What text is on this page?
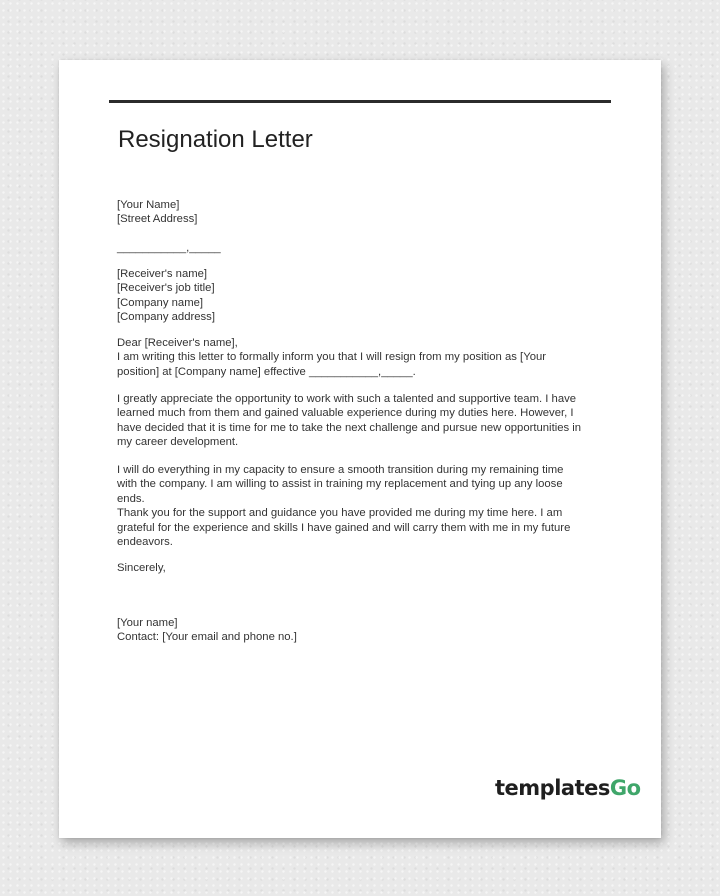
Resignation Letter
[Your Name]
[Street Address]
___________,_____
[Receiver's name]
[Receiver's job title]
[Company name]
[Company address]
Dear [Receiver's name],
I am writing this letter to formally inform you that I will resign from my position as [Your
position] at [Company name] effective ___________,_____.
I greatly appreciate the opportunity to work with such a talented and supportive team. I have
learned much from them and gained valuable experience during my duties here. However, I
have decided that it is time for me to take the next challenge and pursue new opportunities in
my career development.
I will do everything in my capacity to ensure a smooth transition during my remaining time
with the company. I am willing to assist in training my replacement and tying up any loose
ends.
Thank you for the support and guidance you have provided me during my time here. I am
grateful for the experience and skills I have gained and will carry them with me in my future
endeavors.
Sincerely,
[Your name]
Contact: [Your email and phone no.]
templatesGo
